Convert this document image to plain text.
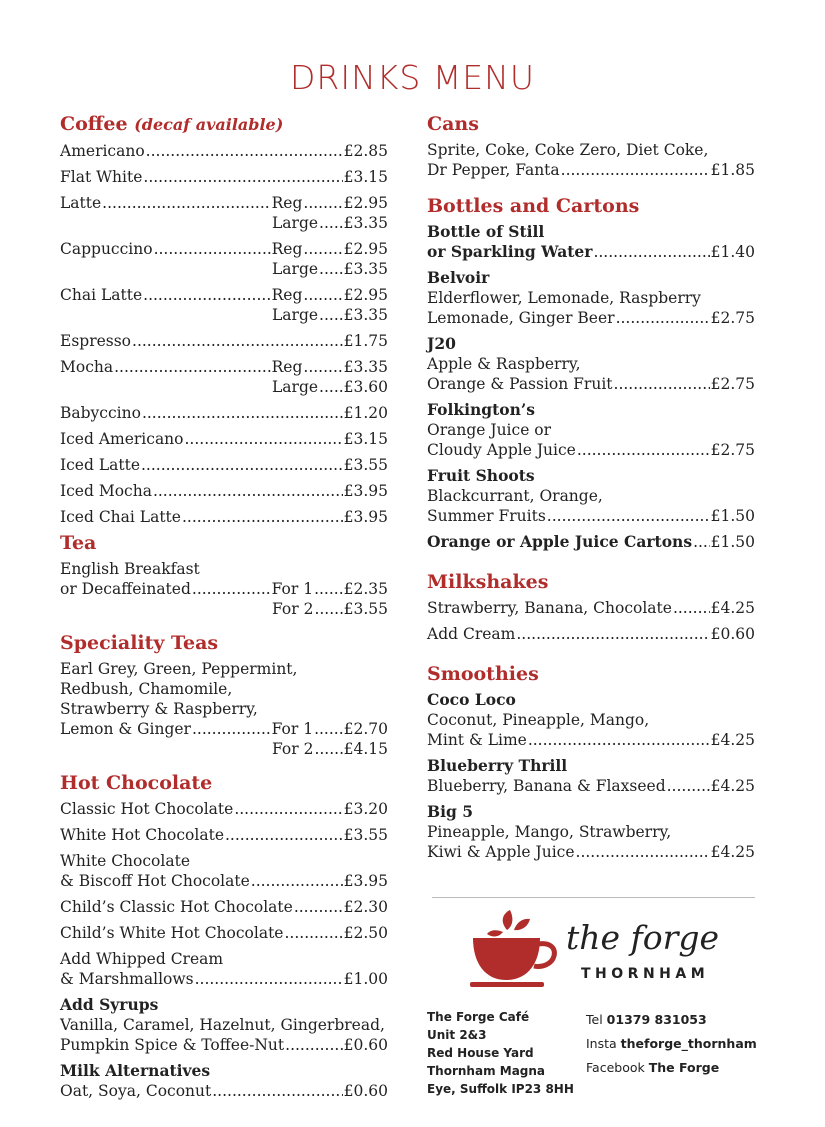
DRINKS MENU
Coffee (decaf available)
Americano .....	£2.85
Flat White .....	£3.15
Latte .....	Reg .....	£2.95
Large ..... £3.35
Cappuccino .....	Reg .....	£2.95
Large ..... £3.35
Chai Latte .....	Reg .....	£2.95
Large ..... £3.35
Espresso .....	£1.75
Mocha .....	Reg .....	£3.35
Large ..... £3.60
Babyccino .....	£1.20
Iced Americano .....	£3.15
Iced Latte .....	£3.55
Iced Mocha .....	£3.95
Iced Chai Latte .....	£3.95
Tea
English Breakfast
or Decaffeinated .....	For 1 ..... £2.35
For 2 ..... £3.55
Speciality Teas
Earl Grey, Green, Peppermint,
Redbush, Chamomile,
Strawberry & Raspberry,
Lemon & Ginger .....	For 1 ..... £2.70
For 2 ..... £4.15
Hot Chocolate
Classic Hot Chocolate .....	£3.20
White Hot Chocolate .....	£3.55
White Chocolate
& Biscoff Hot Chocolate .....	£3.95
Child’s Classic Hot Chocolate .....	£2.30
Child’s White Hot Chocolate .....	£2.50
Add Whipped Cream
& Marshmallows .....	£1.00
Add Syrups
Vanilla, Caramel, Hazelnut, Gingerbread,
Pumpkin Spice & Toffee-Nut .....	£0.60
Milk Alternatives
Oat, Soya, Coconut .....	£0.60
Cans
Sprite, Coke, Coke Zero, Diet Coke,
Dr Pepper, Fanta .....	£1.85
Bottles and Cartons
Bottle of Still
or Sparkling Water .....	£1.40
Belvoir
Elderflower, Lemonade, Raspberry
Lemonade, Ginger Beer .....	£2.75
J20
Apple & Raspberry,
Orange & Passion Fruit .....	£2.75
Folkington’s
Orange Juice or
Cloudy Apple Juice .....	£2.75
Fruit Shoots
Blackcurrant, Orange,
Summer Fruits .....	£1.50
Orange or Apple Juice Cartons ..... £1.50
Milkshakes
Strawberry, Banana, Chocolate ..... £4.25
Add Cream .....	£0.60
Smoothies
Coco Loco
Coconut, Pineapple, Mango,
Mint & Lime .....	£4.25
Blueberry Thrill
Blueberry, Banana & Flaxseed .....	£4.25
Big 5
Pineapple, Mango, Strawberry,
Kiwi & Apple Juice .....	£4.25
the forge
THORNHAM
The Forge Café
Unit 2&3
Red House Yard
Thornham Magna
Eye, Suffolk IP23 8HH
Tel 01379 831053
Insta theforge_thornham
Facebook The Forge
